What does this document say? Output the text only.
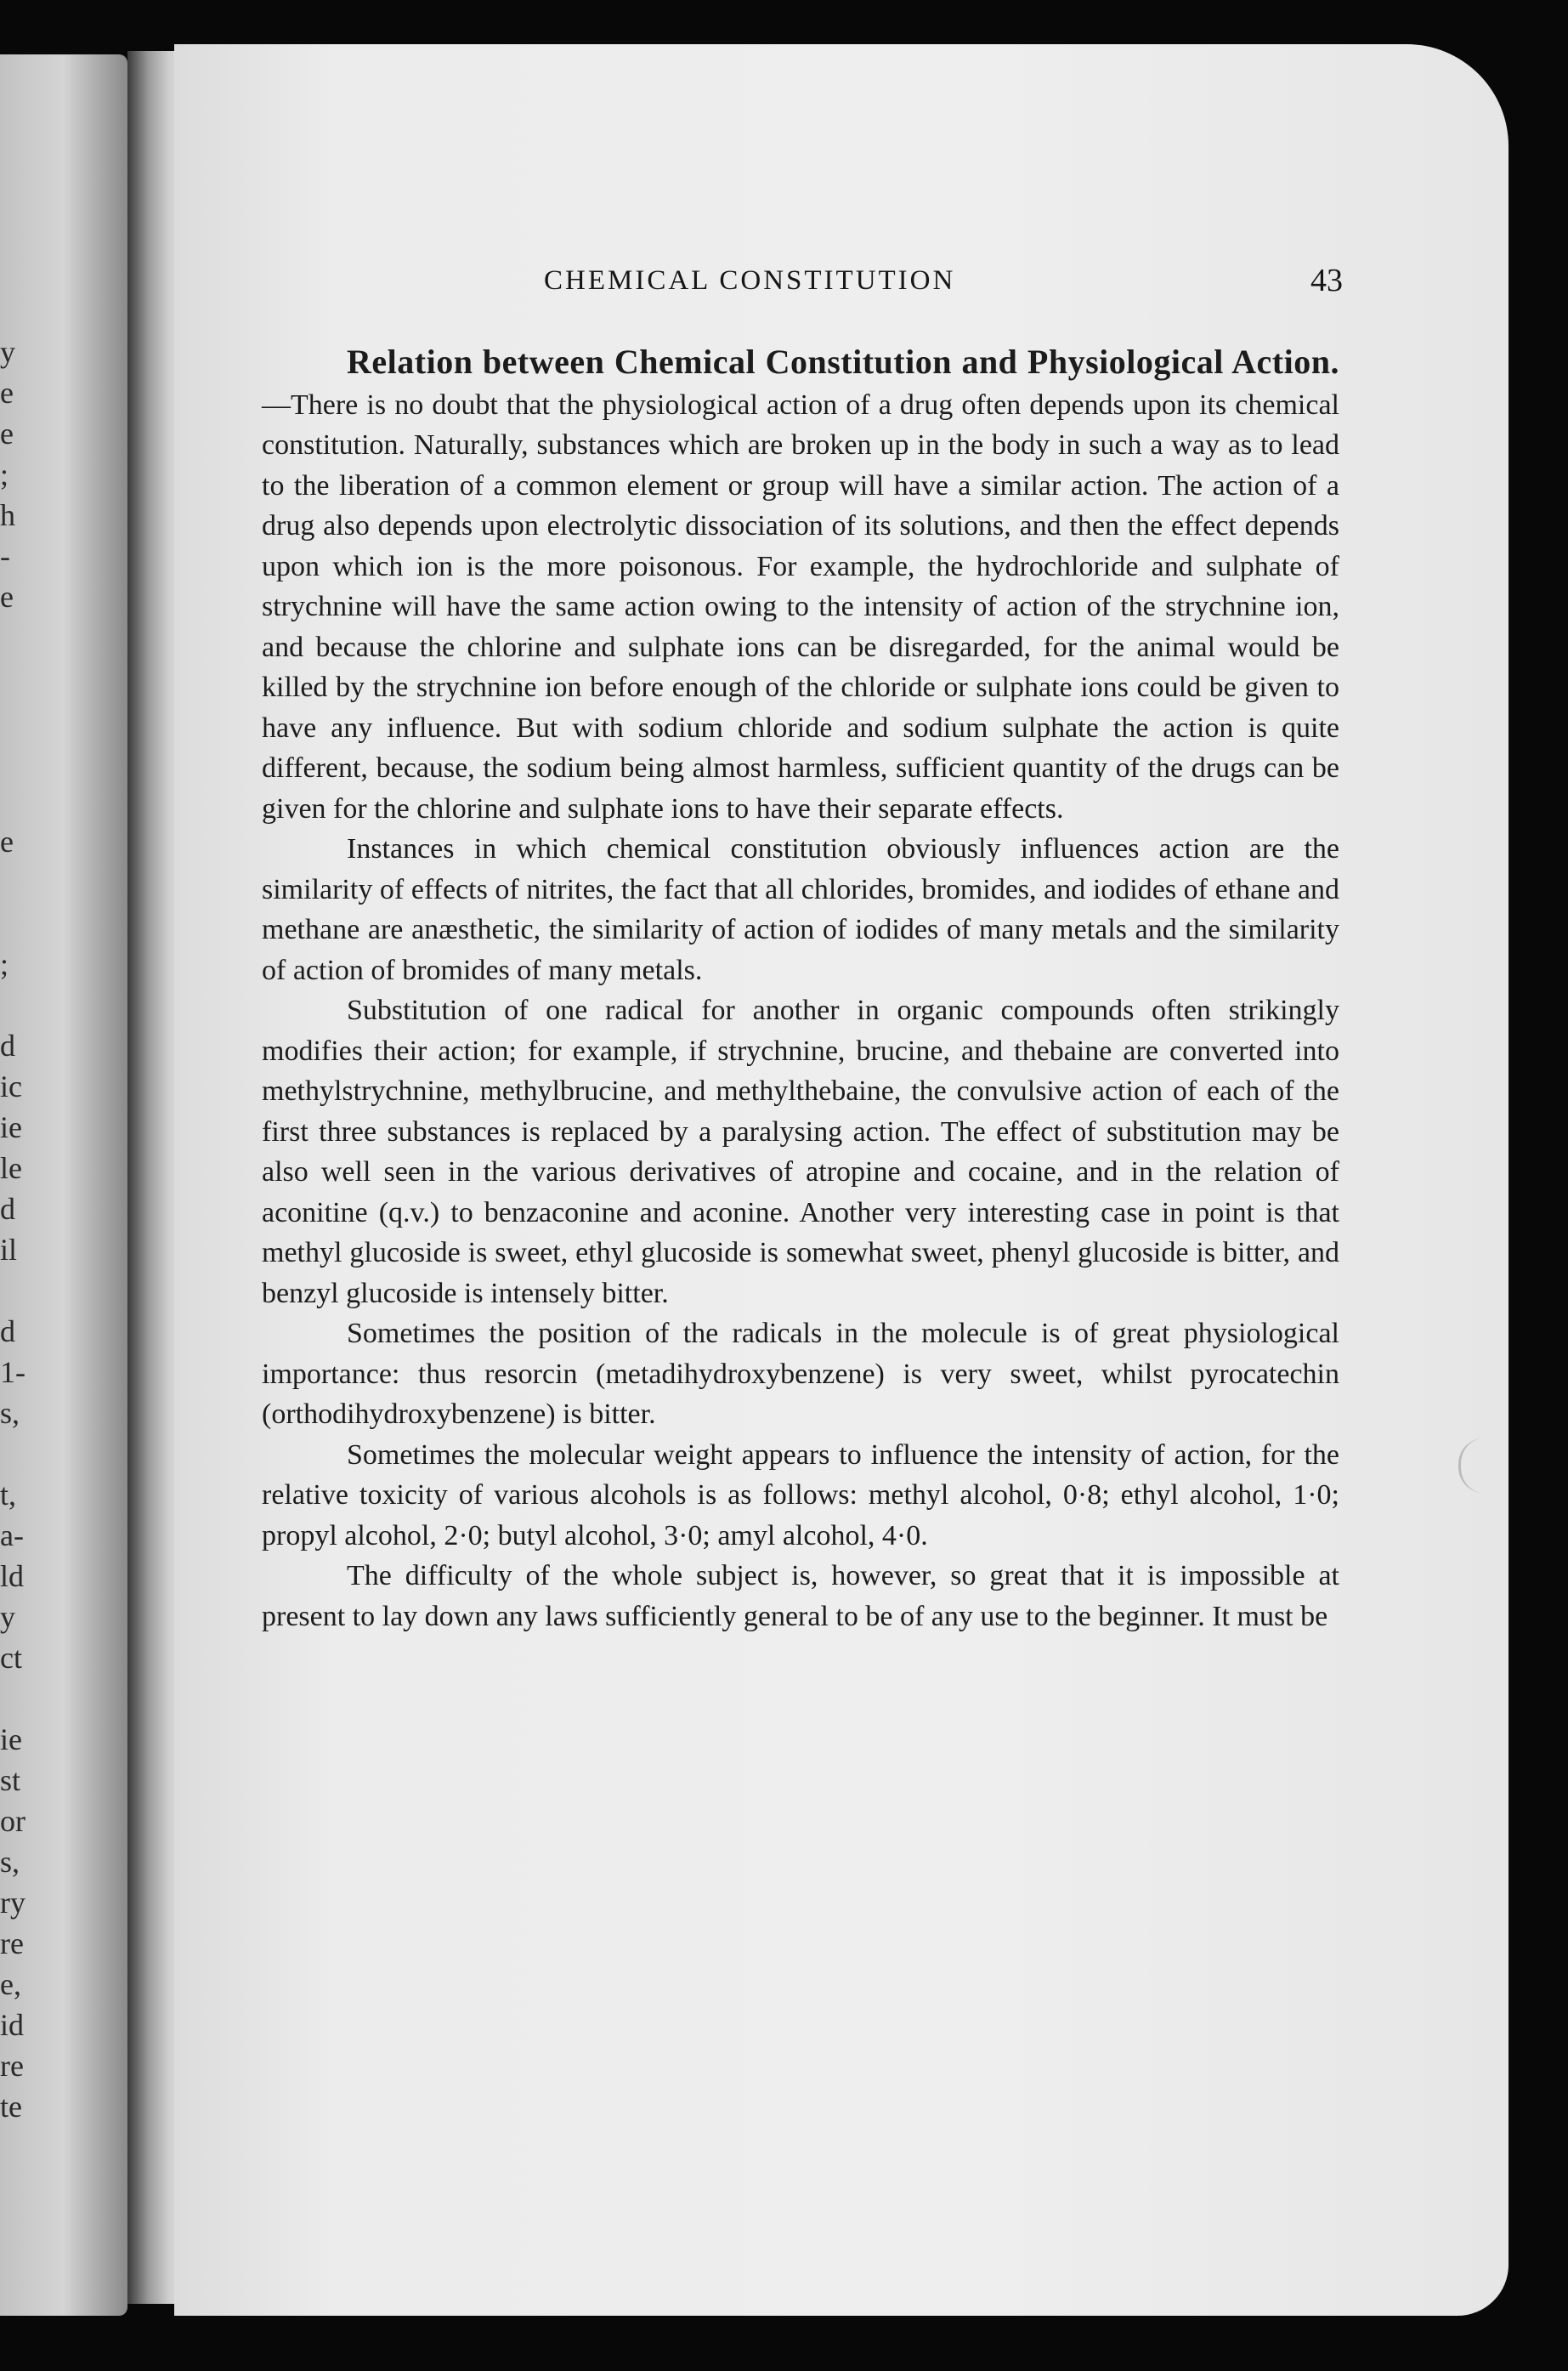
y
e
e
;
h
-
e
e
;
d
ic
ie
le
d
il
d
1-
s,
t,
a-
ld
y
ct
ie
st
or
s,
ry
re
e,
id
re
te
CHEMICAL CONSTITUTION	43

Relation between Chemical Constitution and Physiological Action.—There is no doubt that the physiological action of a drug often depends upon its chemical constitution. Naturally, substances which are broken up in the body in such a way as to lead to the liberation of a common element or group will have a similar action. The action of a drug also depends upon electrolytic dissociation of its solutions, and then the effect depends upon which ion is the more poisonous. For example, the hydrochloride and sulphate of strychnine will have the same action owing to the intensity of action of the strychnine ion, and because the chlorine and sulphate ions can be disregarded, for the animal would be killed by the strychnine ion before enough of the chloride or sulphate ions could be given to have any influence. But with sodium chloride and sodium sulphate the action is quite different, because, the sodium being almost harmless, sufficient quantity of the drugs can be given for the chlorine and sulphate ions to have their separate effects.

Instances in which chemical constitution obviously influences action are the similarity of effects of nitrites, the fact that all chlorides, bromides, and iodides of ethane and methane are anæsthetic, the similarity of action of iodides of many metals and the similarity of action of bromides of many metals.

Substitution of one radical for another in organic compounds often strikingly modifies their action; for example, if strychnine, brucine, and thebaine are converted into methylstrychnine, methylbrucine, and methylthebaine, the convulsive action of each of the first three substances is replaced by a paralysing action. The effect of substitution may be also well seen in the various derivatives of atropine and cocaine, and in the relation of aconitine (q.v.) to benzaconine and aconine. Another very interesting case in point is that methyl glucoside is sweet, ethyl glucoside is somewhat sweet, phenyl glucoside is bitter, and benzyl glucoside is intensely bitter.

Sometimes the position of the radicals in the molecule is of great physiological importance: thus resorcin (metadihydroxybenzene) is very sweet, whilst pyrocatechin (orthodihydroxybenzene) is bitter.

Sometimes the molecular weight appears to influence the intensity of action, for the relative toxicity of various alcohols is as follows: methyl alcohol, 0·8; ethyl alcohol, 1·0; propyl alcohol, 2·0; butyl alcohol, 3·0; amyl alcohol, 4·0.

The difficulty of the whole subject is, however, so great that it is impossible at present to lay down any laws sufficiently general to be of any use to the beginner. It must be
